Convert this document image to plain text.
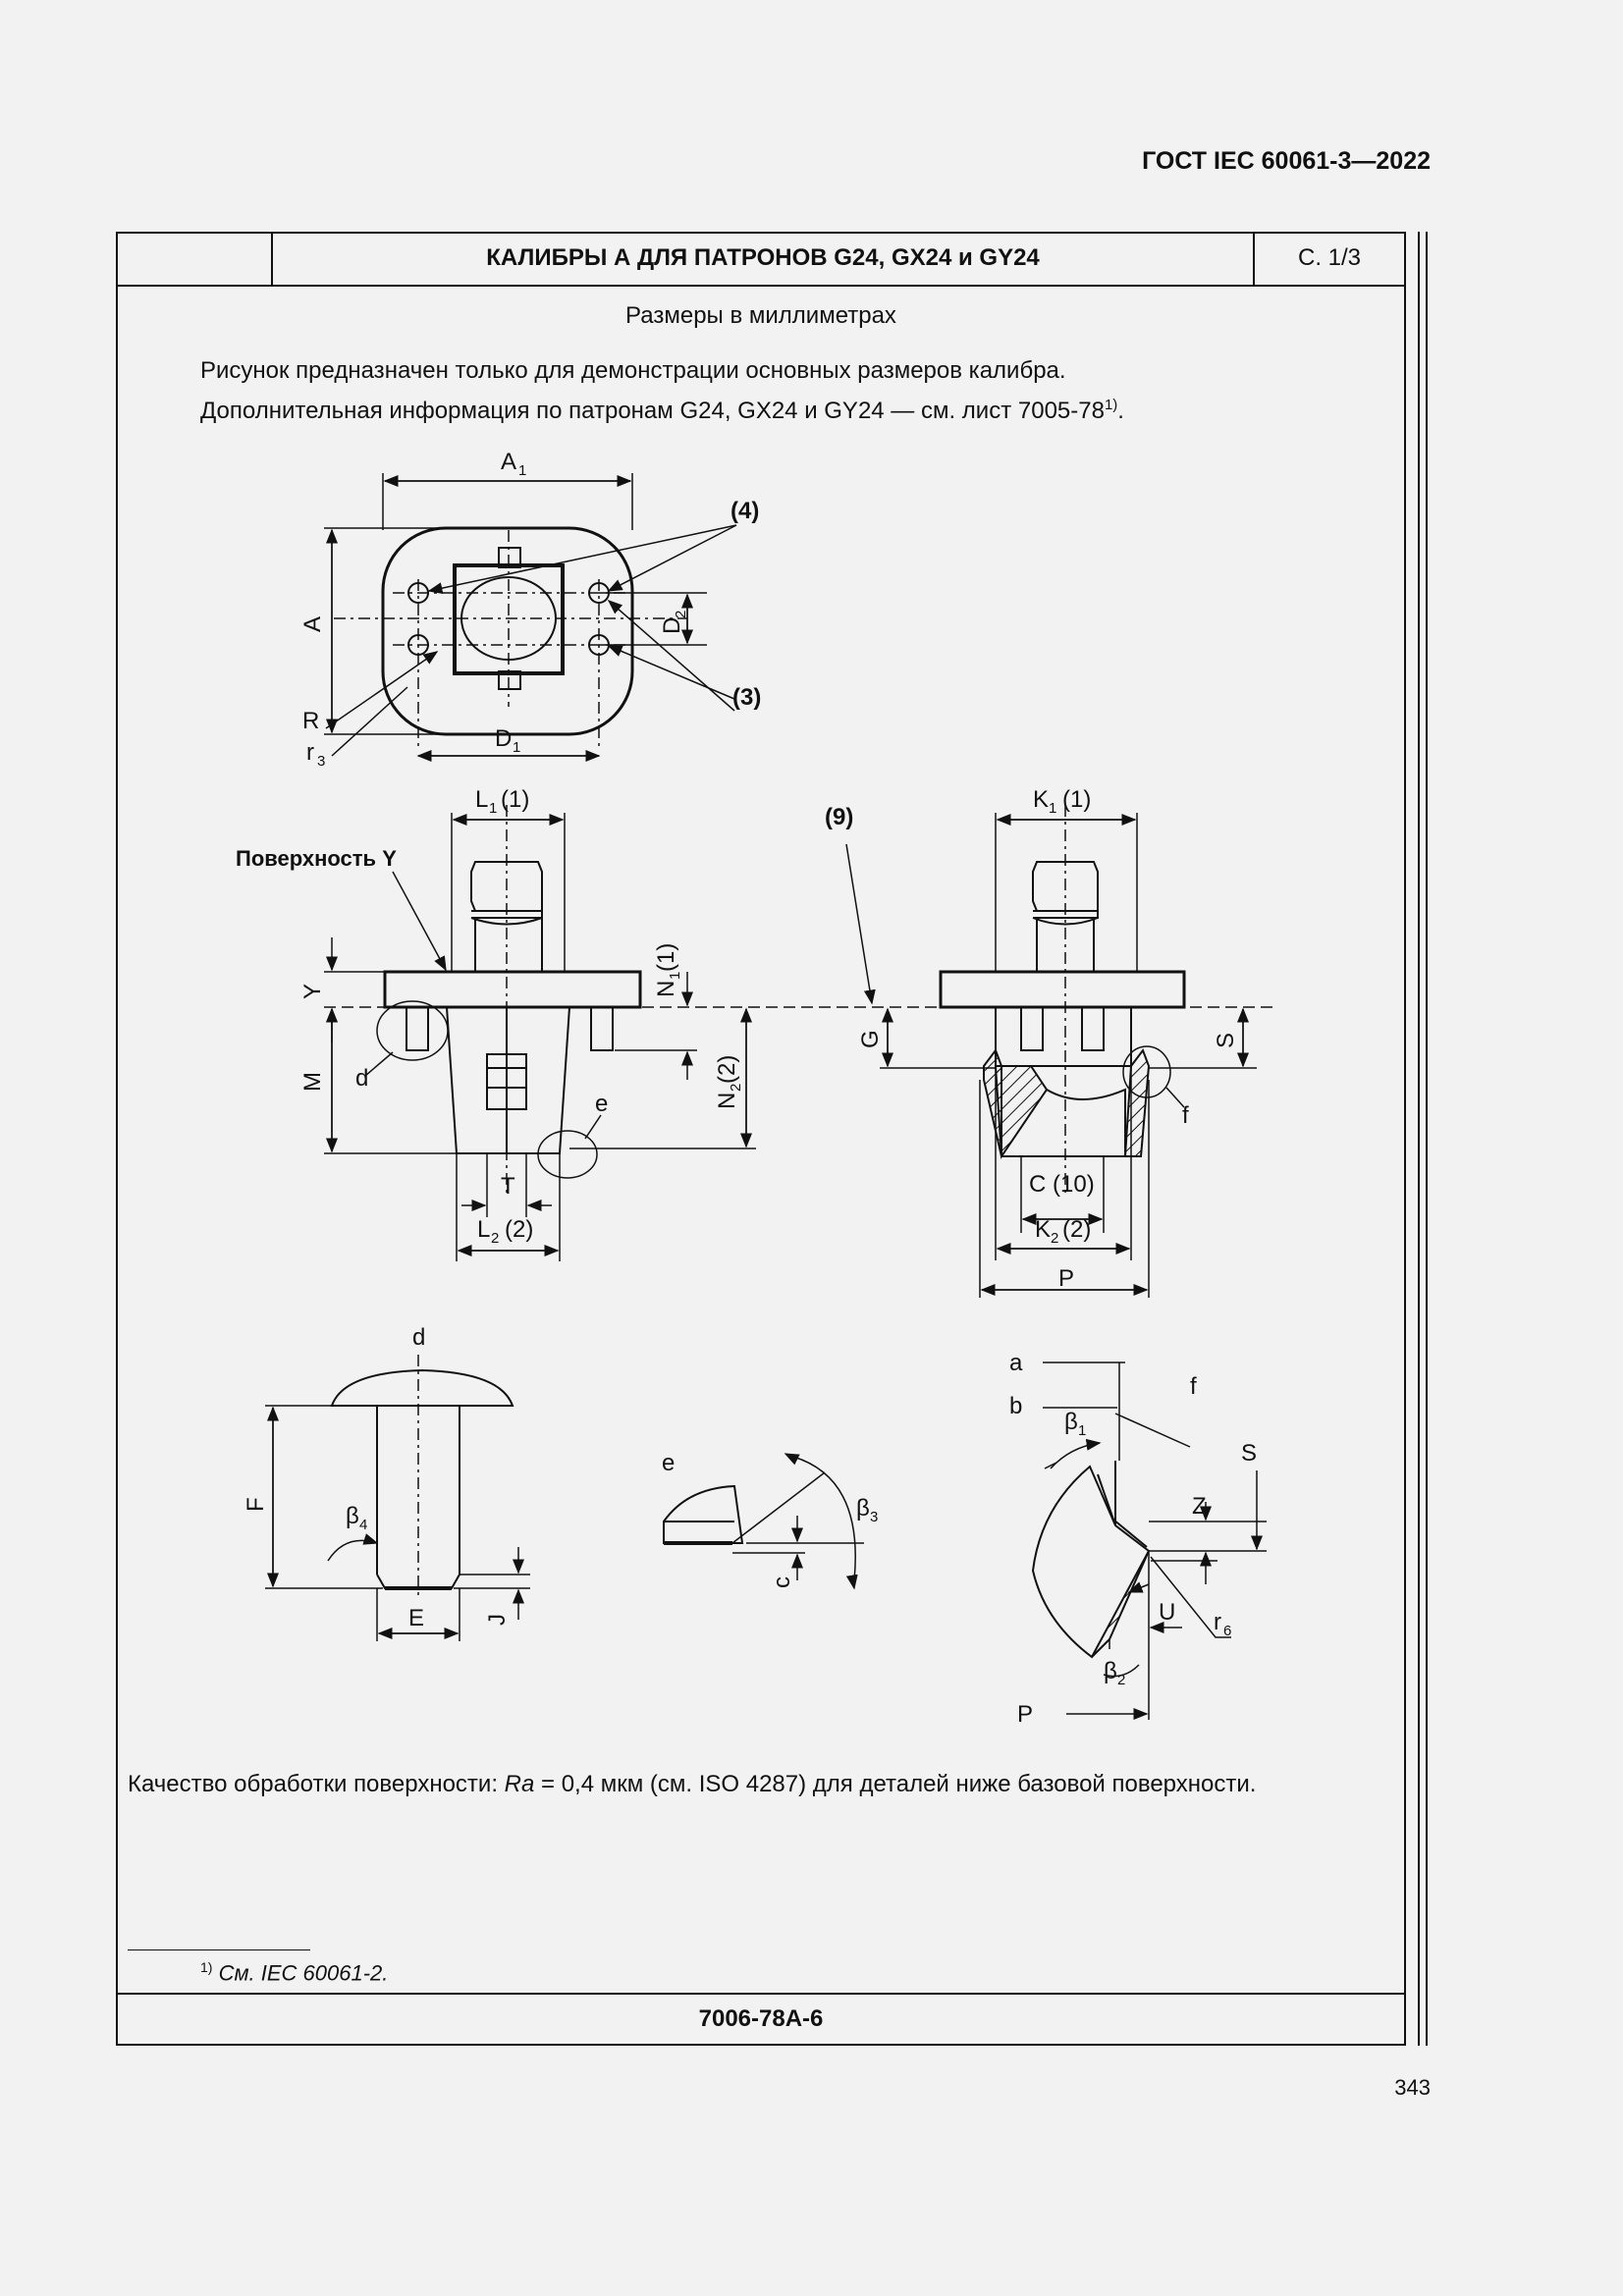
ГОСТ IEC 60061-3—2022
КАЛИБРЫ А ДЛЯ ПАТРОНОВ G24, GX24 и GY24	С. 1/3
Размеры в миллиметрах
Рисунок предназначен только для демонстрации основных размеров калибра.
Дополнительная информация по патронам G24, GX24 и GY24 — см. лист 7005-78$^{1)}$.
A 1
A	D
2
D 1
(4)
(3)
R
r 3
L 1 (1)
Поверхность Y
Y
M d
N
1
(1)
N
2
(2)
e
T
L 2 (2)
K 1 (1)
(9)
G	S
f
C (10)
K 2 (2)
P
d
F	β 4
E	J
e
β 3
c
f
a
b
β 1
S
Z
U r 6
β 2
P
Качество обработки поверхности: Ra = 0,4 мкм (см. ISO 4287) для деталей ниже базовой поверхности.
$^{1)}$ См. IEC 60061-2.
7006-78A-6
343
